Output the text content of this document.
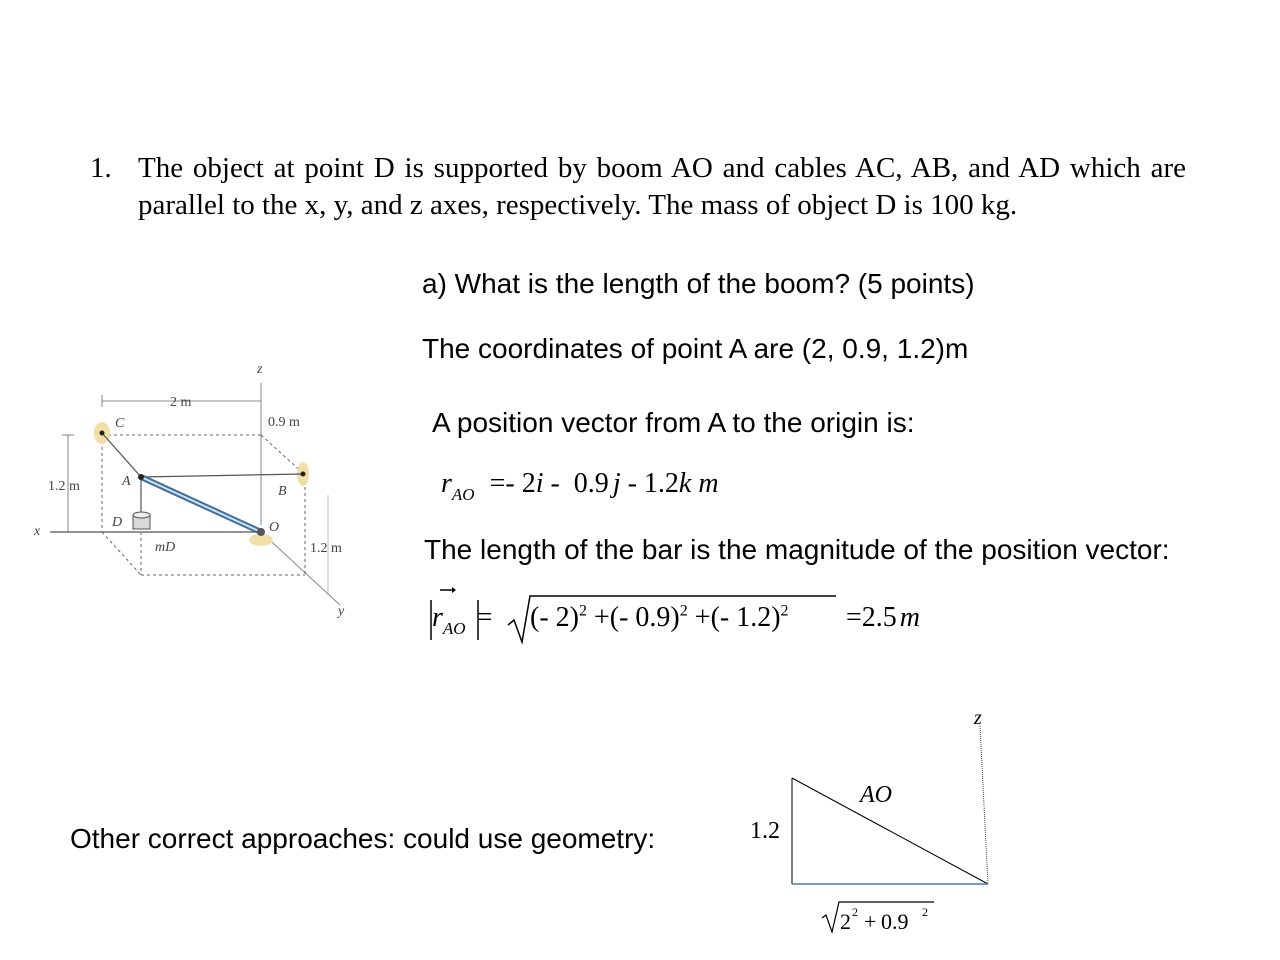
1. The object at point D is supported by boom AO and cables AC, AB, and AD which are parallel to the x, y, and z axes, respectively. The mass of object D is 100 kg.
a) What is the length of the boom? (5 points)
The coordinates of point A are (2, 0.9, 1.2)m
A position vector from A to the origin is:
$r_{AO} =- 2i - 0.9$ j - 1.2k m
The length of the bar is the magnitude of the position vector:
$r_{AO}$ = (- 2)$^2$ +(- 0.9)$^2$ +(- 1.2)$^2$ =2.5 m
z
x
y
2 m
0.9 m
1.2 m
1.2 m
C
A
B
D	O
mD
Other correct approaches: could use geometry:
z
1.2
AO
2 2 + 0.9 2
